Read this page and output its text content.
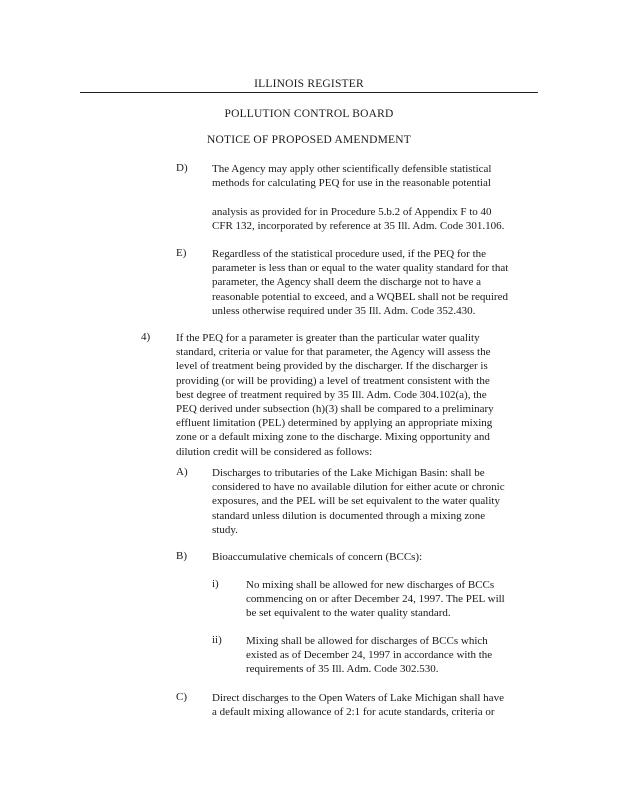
ILLINOIS REGISTER
POLLUTION CONTROL BOARD
NOTICE OF PROPOSED AMENDMENT
D) The Agency may apply other scientifically defensible statistical
methods for calculating PEQ for use in the reasonable potential
analysis as provided for in Procedure 5.b.2 of Appendix F to 40
CFR 132, incorporated by reference at 35 Ill. Adm. Code 301.106.
E) Regardless of the statistical procedure used, if the PEQ for the
parameter is less than or equal to the water quality standard for that
parameter, the Agency shall deem the discharge not to have a
reasonable potential to exceed, and a WQBEL shall not be required
unless otherwise required under 35 Ill. Adm. Code 352.430.
4) If the PEQ for a parameter is greater than the particular water quality
standard, criteria or value for that parameter, the Agency will assess the
level of treatment being provided by the discharger. If the discharger is
providing (or will be providing) a level of treatment consistent with the
best degree of treatment required by 35 Ill. Adm. Code 304.102(a), the
PEQ derived under subsection (h)(3) shall be compared to a preliminary
effluent limitation (PEL) determined by applying an appropriate mixing
zone or a default mixing zone to the discharge. Mixing opportunity and
dilution credit will be considered as follows:
A) Discharges to tributaries of the Lake Michigan Basin: shall be
considered to have no available dilution for either acute or chronic
exposures, and the PEL will be set equivalent to the water quality
standard unless dilution is documented through a mixing zone
study.
B) Bioaccumulative chemicals of concern (BCCs):
i) No mixing shall be allowed for new discharges of BCCs
commencing on or after December 24, 1997. The PEL will
be set equivalent to the water quality standard.
ii) Mixing shall be allowed for discharges of BCCs which
existed as of December 24, 1997 in accordance with the
requirements of 35 Ill. Adm. Code 302.530.
C) Direct discharges to the Open Waters of Lake Michigan shall have
a default mixing allowance of 2:1 for acute standards, criteria or
